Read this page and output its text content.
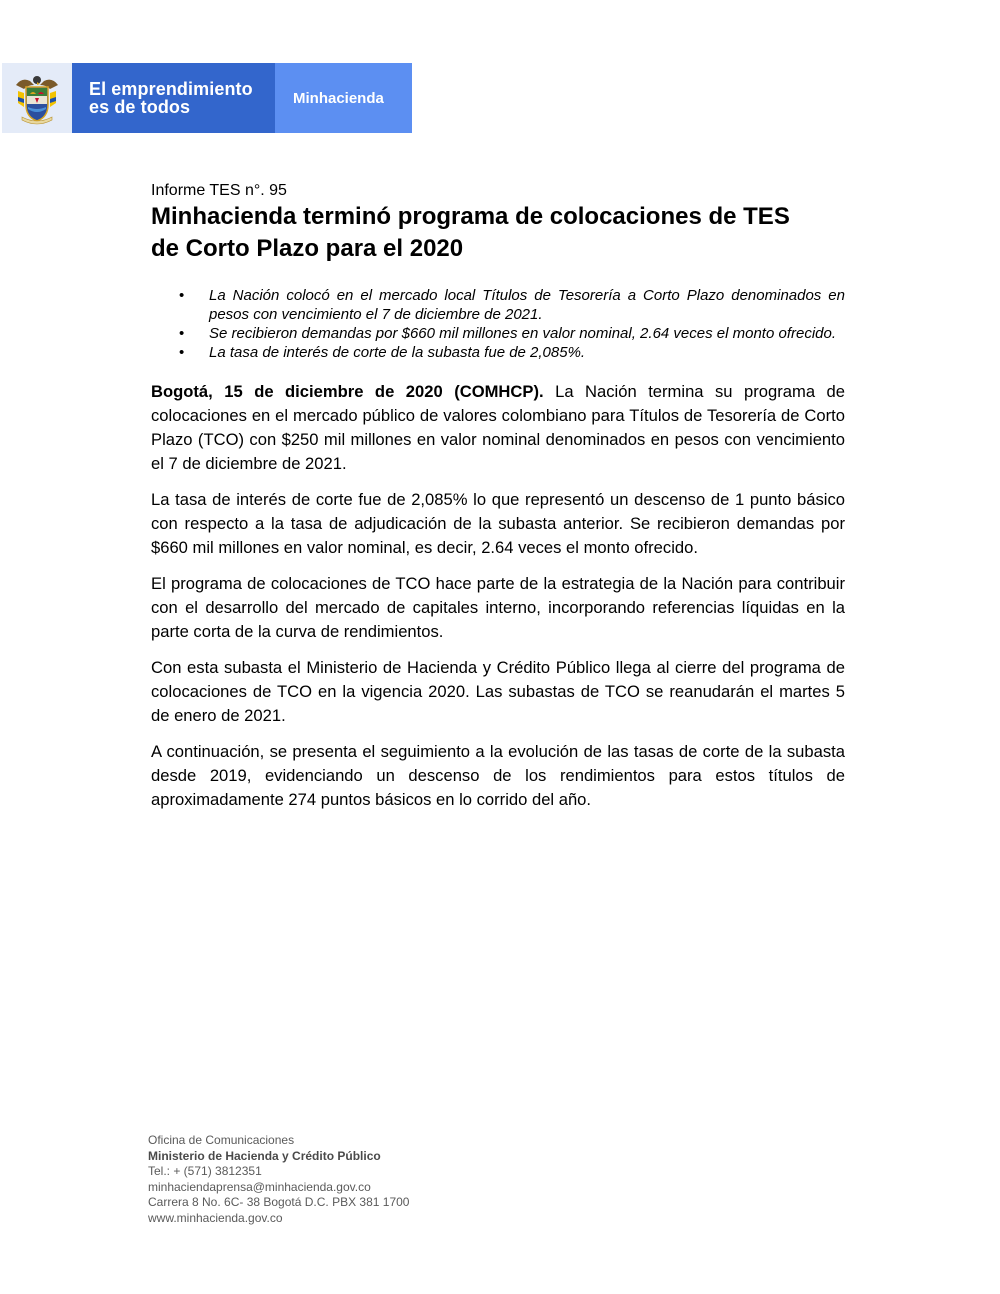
El emprendimiento
es de todos	Minhacienda

Informe TES n°. 95

Minhacienda terminó programa de colocaciones de TES
de Corto Plazo para el 2020
• La Nación colocó en el mercado local Títulos de Tesorería a Corto Plazo denominados en pesos con vencimiento el 7 de diciembre de 2021.
• Se recibieron demandas por $660 mil millones en valor nominal, 2.64 veces el monto ofrecido.
• La tasa de interés de corte de la subasta fue de 2,085%.

Bogotá, 15 de diciembre de 2020 (COMHCP). La Nación termina su programa de colocaciones en el mercado público de valores colombiano para Títulos de Tesorería de Corto Plazo (TCO) con $250 mil millones en valor nominal denominados en pesos con vencimiento el 7 de diciembre de 2021.

La tasa de interés de corte fue de 2,085% lo que representó un descenso de 1 punto básico con respecto a la tasa de adjudicación de la subasta anterior. Se recibieron demandas por $660 mil millones en valor nominal, es decir, 2.64 veces el monto ofrecido.

El programa de colocaciones de TCO hace parte de la estrategia de la Nación para contribuir con el desarrollo del mercado de capitales interno, incorporando referencias líquidas en la parte corta de la curva de rendimientos.

Con esta subasta el Ministerio de Hacienda y Crédito Público llega al cierre del programa de colocaciones de TCO en la vigencia 2020. Las subastas de TCO se reanudarán el martes 5 de enero de 2021.

A continuación, se presenta el seguimiento a la evolución de las tasas de corte de la subasta desde 2019, evidenciando un descenso de los rendimientos para estos títulos de aproximadamente 274 puntos básicos en lo corrido del año.

Oficina de Comunicaciones
Ministerio de Hacienda y Crédito Público
Tel.: + (571) 3812351
minhaciendaprensa@minhacienda.gov.co
Carrera 8 No. 6C- 38 Bogotá D.C. PBX 381 1700
www.minhacienda.gov.co
